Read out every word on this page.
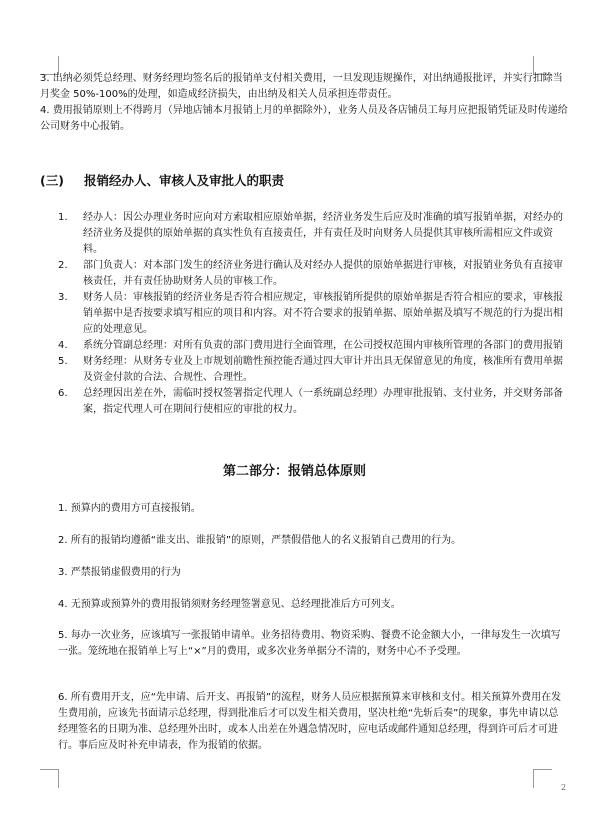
3. 出纳必须凭总经理、财务经理均签名后的报销单支付相关费用，一旦发现违规操作，对出纳通报批评，并实行扣除当月奖金 50%-100%的处理，如造成经济损失，由出纳及相关人员承担连带责任。

4. 费用报销原则上不得跨月（异地店铺本月报销上月的单据除外），业务人员及各店铺员工每月应把报销凭证及时传递给公司财务中心报销。

(三) 报销经办人、审核人及审批人的职责
1. 经办人：因公办理业务时应向对方索取相应原始单据，经济业务发生后应及时准确的填写报销单据，对经办的经济业务及提供的原始单据的真实性负有直接责任，并有责任及时向财务人员提供其审核所需相应文件或资料。
2. 部门负责人：对本部门发生的经济业务进行确认及对经办人提供的原始单据进行审核，对报销业务负有直接审核责任，并有责任协助财务人员的审核工作。
3. 财务人员：审核报销的经济业务是否符合相应规定，审核报销所提供的原始单据是否符合相应的要求，审核报销单据中是否按要求填写相应的项目和内容。对不符合要求的报销单据、原始单据及填写不规范的行为提出相应的处理意见。
4. 系统分管副总经理：对所有负责的部门费用进行全面管理，在公司授权范围内审核所管理的各部门的费用报销
5. 财务经理：从财务专业及上市规划前瞻性预控能否通过四大审计并出具无保留意见的角度，核准所有费用单据及资金付款的合法、合规性、合理性。
6. 总经理因出差在外，需临时授权签署指定代理人（一系统副总经理）办理审批报销、支付业务，并交财务部备案，指定代理人可在期间行使相应的审批的权力。
第二部分：报销总体原则

1. 预算内的费用方可直接报销。

2. 所有的报销均遵循“谁支出、谁报销”的原则，严禁假借他人的名义报销自己费用的行为。

3. 严禁报销虚假费用的行为

4. 无预算或预算外的费用报销须财务经理签署意见、总经理批准后方可列支。

5. 每办一次业务，应该填写一张报销申请单。业务招待费用、物资采购、餐费不论金额大小，一律每发生一次填写一张。笼统地在报销单上写上“×”月的费用，或多次业务单据分不清的，财务中心不予受理。

6. 所有费用开支，应“先申请、后开支、再报销”的流程，财务人员应根据预算来审核和支付。相关预算外费用在发生费用前，应该先书面请示总经理，得到批准后才可以发生相关费用，坚决杜绝“先斩后奏”的现象，事先申请以总经理签名的日期为准、总经理外出时，或本人出差在外遇急情况时，应电话或邮件通知总经理，得到许可后才可进行。事后应及时补充申请表，作为报销的依据。

2
